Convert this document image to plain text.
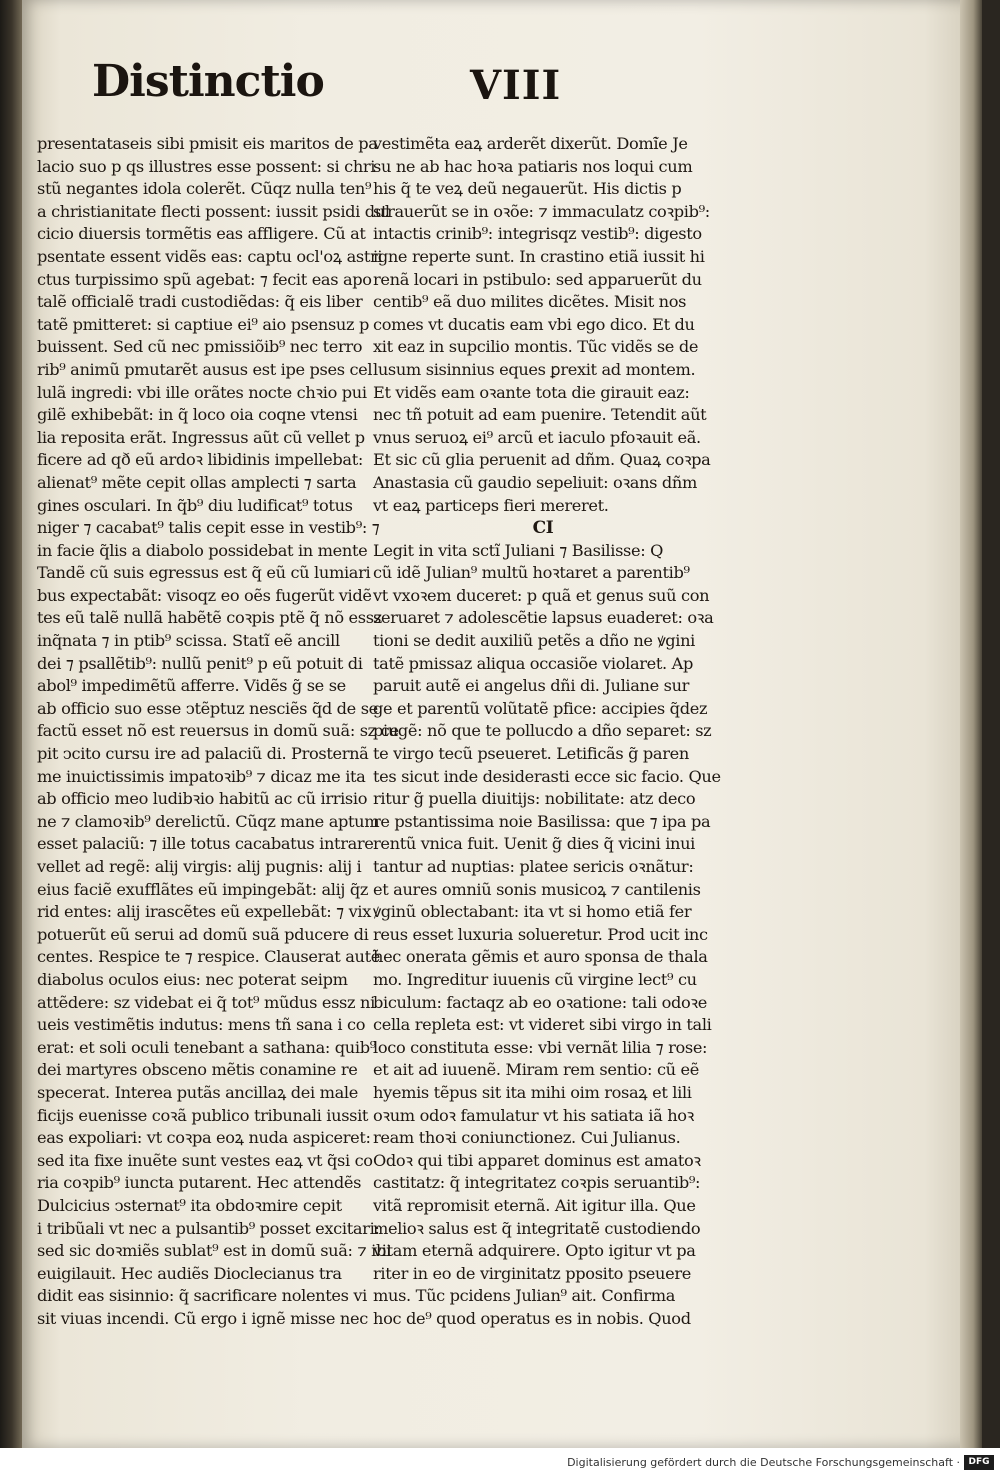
Distinctio	VIII
presentataseis sibi pmisit eis maritos de pa
lacio suo p qs illustres esse possent: si chri
stũ negantes idola colerẽt. Cũqz nulla ten⁹
a christianitate flecti possent: iussit psidi dul
cicio diuersis tormẽtis eas affligere. Cũ at
psentate essent vidẽs eas: captu ocl'oꝝ astri
ctus turpissimo spũ agebat: ⁊ fecit eas apo
talẽ officialẽ tradi custodiẽdas: q̃ eis liber
tatẽ pmitteret: si captiue ei⁹ aio psensuz p
buissent. Sed cũ nec pmissiõib⁹ nec terro
rib⁹ animũ pmutarẽt ausus est ipe pses cel
lulã ingredi: vbi ille orãtes nocte chꝛio pui
gilẽ exhibebãt: in q̃ loco oia coqne vtensi
lia reposita erãt. Ingressus aũt cũ vellet p
ficere ad qð eũ ardoꝛ libidinis impellebat:
alienat⁹ mẽte cepit ollas amplecti ⁊ sarta
gines osculari. In q̃b⁹ diu ludificat⁹ totus
niger ⁊ cacabat⁹ talis cepit esse in vestib⁹: ⁊
in facie q̃lis a diabolo possidebat in mente
Tandẽ cũ suis egressus est q̃ eũ cũ lumiari
bus expectabãt: visoqz eo oẽs fugerũt vidẽ
tes eũ talẽ nullã habẽtẽ coꝛpis ptẽ q̃ nõ essz
inq̃nata ⁊ in ptib⁹ scissa. Statĩ eẽ ancill
dei ⁊ psallẽtib⁹: nullũ penit⁹ p eũ potuit di
abol⁹ impedimẽtũ afferre. Vidẽs g̃ se se
ab officio suo esse ↄtẽptuz nesciẽs q̃d de se
factũ esset nõ est reuersus in domũ suã: sz ce
pit ↄcito cursu ire ad palaciũ di. Prosternã
me inuictissimis impatoꝛib⁹ ⁊ dicaz me ita
ab officio meo ludibꝛio habitũ ac cũ irrisio
ne ⁊ clamoꝛib⁹ derelictũ. Cũqz mane aptum
esset palaciũ: ⁊ ille totus cacabatus intrare
vellet ad regẽ: alij virgis: alij pugnis: alij i
eius faciẽ exufflãtes eũ impingebãt: alij q̃z
rid entes: alij irascẽtes eũ expellebãt: ⁊ vix
potuerũt eũ serui ad domũ suã pducere di
centes. Respice te ⁊ respice. Clauserat autẽ
diabolus oculos eius: nec poterat seipm
attẽdere: sz videbat ei q̃ tot⁹ mũdus essz ni
ueis vestimẽtis indutus: mens tñ sana i co
erat: et soli oculi tenebant a sathana: quib⁹
dei martyres obsceno mẽtis conamine re
specerat. Interea putãs ancillaꝝ dei male
ficijs euenisse coꝛã publico tribunali iussit
eas expoliari: vt coꝛpa eoꝝ nuda aspiceret:
sed ita fixe inuẽte sunt vestes eaꝝ vt q̃si co
ria coꝛpib⁹ iuncta putarent. Hec attendẽs
Dulcicius ↄsternat⁹ ita obdoꝛmire cepit
i tribũali vt nec a pulsantib⁹ posset excitari:
sed sic doꝛmiẽs sublat⁹ est in domũ suã: ⁊ ibi
euigilauit. Hec audiẽs Dioclecianus tra
didit eas sisinnio: q̃ sacrificare nolentes vi
sit viuas incendi. Cũ ergo i ignẽ misse nec
vestimẽta eaꝝ arderẽt dixerũt. Domi̇̃e Je
su ne ab hac hoꝛa patiaris nos loqui cum
his q̃ te veꝝ deũ negauerũt. His dictis p
strauerũt se in oꝛõe: ⁊ immaculatz coꝛpib⁹:
intactis crinib⁹: integrisqz vestib⁹: digesto
igne reperte sunt. In crastino etiã iussit hi
renã locari in pstibulo: sed apparuerũt du
centib⁹ eã duo milites dicẽtes. Misit nos
comes vt ducatis eam vbi ego dico. Et du
xit eaz in supcilio montis. Tũc vidẽs se de
lusum sisinnius eques ꝑrexit ad montem.
Et vidẽs eam oꝛante tota die girauit eaz:
nec tñ potuit ad eam puenire. Tetendit aũt
vnus seruoꝝ ei⁹ arcũ et iaculo pfoꝛauit eã.
Et sic cũ glia peruenit ad dñm. Quaꝝ coꝛpa
Anastasia cũ gaudio sepeliuit: oꝛans dñm
vt eaꝝ particeps fieri mereret.
CI
Legit in vita sctĩ Juliani ⁊ Basilisse: Q
cũ idẽ Julian⁹ multũ hoꝛtaret a parentib⁹
vt vxoꝛem duceret: p quã et genus suũ con
seruaret ⁊ adolescẽtie lapsus euaderet: oꝛa
tioni se dedit auxiliũ petẽs a dño ne ꝟgini
tatẽ pmissaz aliqua occasiõe violaret. Ap
paruit autẽ ei angelus dñi di. Juliane sur
ge et parentũ volũtatẽ pfice: accipies q̃dez
piugẽ: nõ que te pollucdo a dño separet: sz
te virgo tecũ pseueret. Letificãs g̃ paren
tes sicut inde desiderasti ecce sic facio. Que
ritur g̃ puella diuitijs: nobilitate: atz deco
re pstantissima noie Basilissa: que ⁊ ipa pa
rentũ vnica fuit. Uenit g̃ dies q̃ vicini inui
tantur ad nuptias: platee sericis oꝛnãtur:
et aures omniũ sonis musicoꝝ ⁊ cantilenis
ꝟginũ oblectabant: ita vt si homo etiã fer
reus esset luxuria solueretur. Prod ucit inc
hec onerata gẽmis et auro sponsa de thala
mo. Ingreditur iuuenis cũ virgine lect⁹ cu
biculum: factaqz ab eo oꝛatione: tali odoꝛe
cella repleta est: vt videret sibi virgo in tali
loco constituta esse: vbi vernãt lilia ⁊ rose:
et ait ad iuuenẽ. Miram rem sentio: cũ eẽ
hyemis tẽpus sit ita mihi oim rosaꝝ et lili
oꝛum odoꝛ famulatur vt his satiata iã hoꝛ
ream thoꝛi coniunctionez. Cui Julianus.
Odoꝛ qui tibi apparet dominus est amatoꝛ
castitatz: q̃ integritatez coꝛpis seruantib⁹:
vitã repromisit eternã. Ait igitur illa. Que
melioꝛ salus est q̃ integritatẽ custodiendo
vitam eternã adquirere. Opto igitur vt pa
riter in eo de virginitatz pposito pseuere
mus. Tũc pcidens Julian⁹ ait. Confirma
hoc de⁹ quod operatus es in nobis. Quod
Digitalisierung gefördert durch die Deutsche Forschungsgemeinschaft · DFG
